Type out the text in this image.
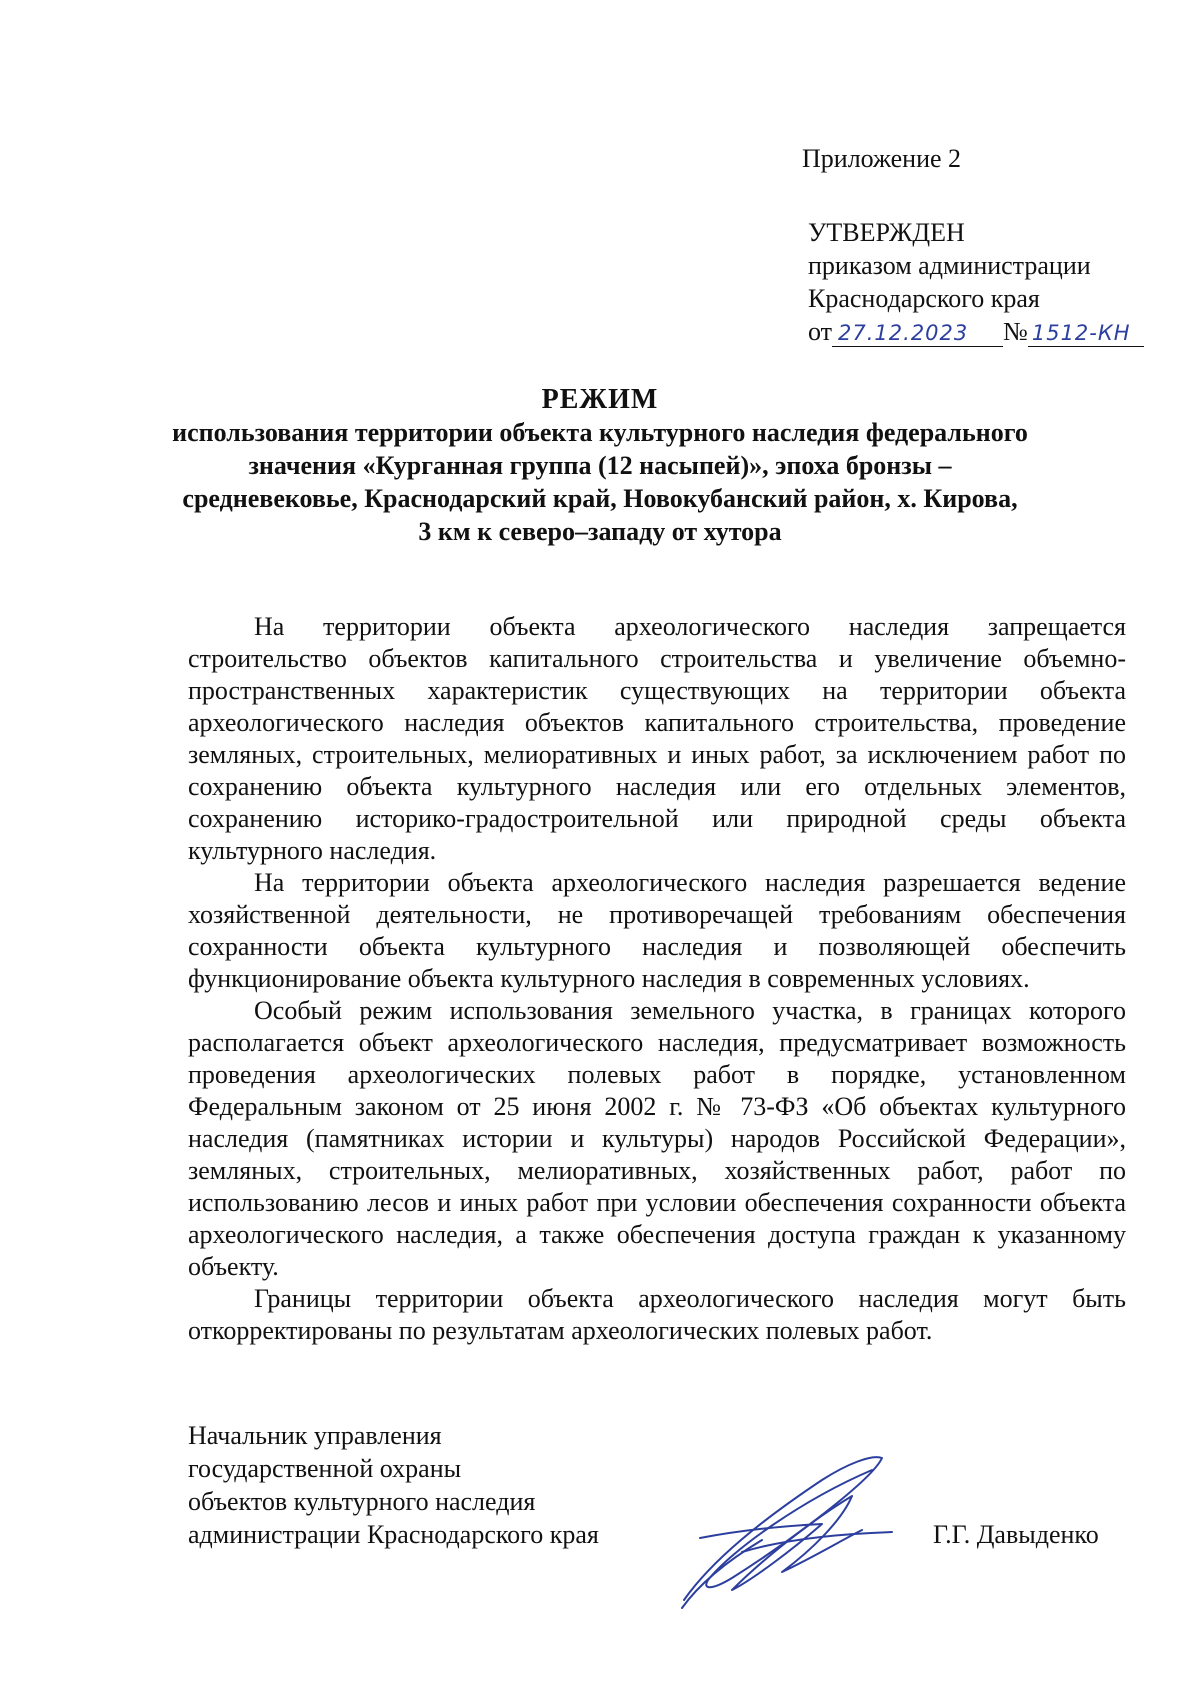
Приложение 2
УТВЕРЖДЕН
приказом администрации
Краснодарского края
от 27.12.2023 № 1512-КН
РЕЖИМ
использования территории объекта культурного наследия федерального
значения «Курганная группа (12 насыпей)», эпоха бронзы –
средневековье, Краснодарский край, Новокубанский район, х. Кирова,
3 км к северо–западу от хутора

На территории объекта археологического наследия запрещается строительство объектов капитального строительства и увеличение объемно-пространственных характеристик существующих на территории объекта археологического наследия объектов капитального строительства, проведение земляных, строительных, мелиоративных и иных работ, за исключением работ по сохранению объекта культурного наследия или его отдельных элементов, сохранению историко-градостроительной или природной среды объекта культурного наследия.

На территории объекта археологического наследия разрешается ведение хозяйственной деятельности, не противоречащей требованиям обеспечения сохранности объекта культурного наследия и позволяющей обеспечить функционирование объекта культурного наследия в современных условиях.

Особый режим использования земельного участка, в границах которого располагается объект археологического наследия, предусматривает возможность проведения археологических полевых работ в порядке, установленном Федеральным законом от 25 июня 2002 г. № 73-ФЗ «Об объектах культурного наследия (памятниках истории и культуры) народов Российской Федерации», земляных, строительных, мелиоративных, хозяйственных работ, работ по использованию лесов и иных работ при условии обеспечения сохранности объекта археологического наследия, а также обеспечения доступа граждан к указанному объекту.

Границы территории объекта археологического наследия могут быть откорректированы по результатам археологических полевых работ.

Начальник управления
государственной охраны
объектов культурного наследия
администрации Краснодарского края	Г.Г. Давыденко
